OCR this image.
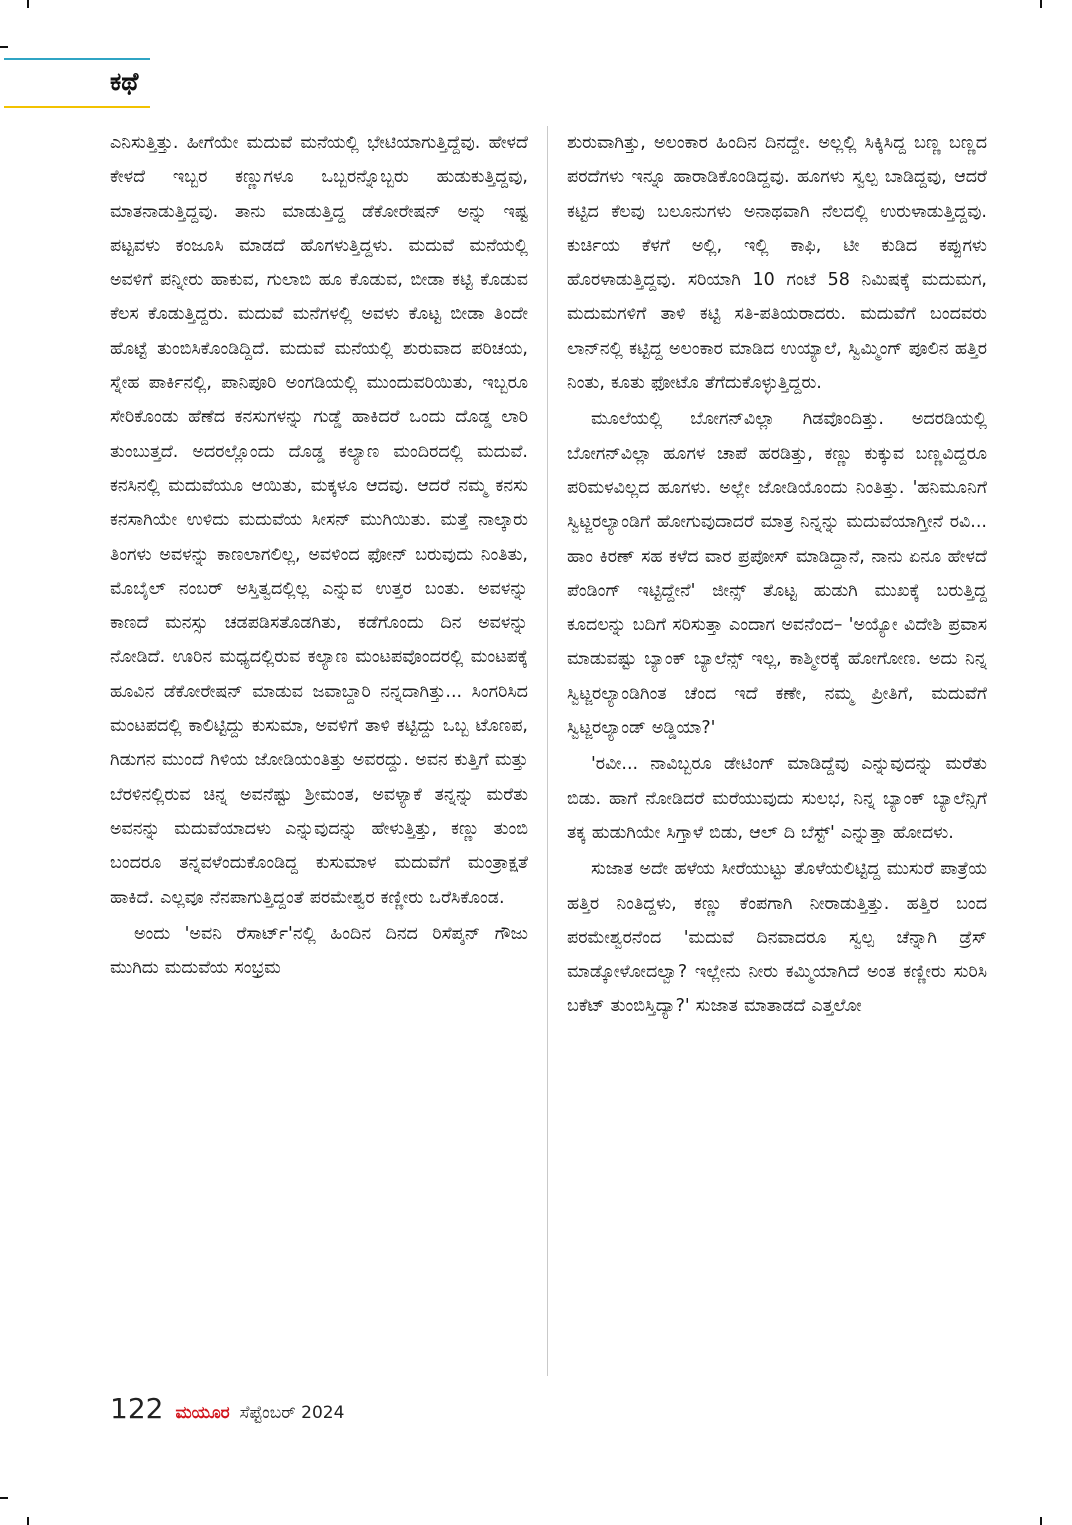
ಕಥೆ

ಎನಿಸುತ್ತಿತ್ತು. ಹೀಗೆಯೇ ಮದುವೆ ಮನೆಯಲ್ಲಿ ಭೇಟಿಯಾಗುತ್ತಿದ್ದೆವು. ಹೇಳದೆ ಕೇಳದೆ ಇಬ್ಬರ ಕಣ್ಣುಗಳೂ ಒಬ್ಬರನ್ನೊಬ್ಬರು ಹುಡುಕುತ್ತಿದ್ದವು, ಮಾತನಾಡುತ್ತಿದ್ದವು. ತಾನು ಮಾಡುತ್ತಿದ್ದ ಡೆಕೋರೇಷನ್ ಅನ್ನು ಇಷ್ಟ ಪಟ್ಟವಳು ಕಂಜೂಸಿ ಮಾಡದೆ ಹೊಗಳುತ್ತಿದ್ದಳು. ಮದುವೆ ಮನೆಯಲ್ಲಿ ಅವಳಿಗೆ ಪನ್ನೀರು ಹಾಕುವ, ಗುಲಾಬಿ ಹೂ ಕೊಡುವ, ಬೀಡಾ ಕಟ್ಟಿ ಕೊಡುವ ಕೆಲಸ ಕೊಡುತ್ತಿದ್ದರು. ಮದುವೆ ಮನೆಗಳಲ್ಲಿ ಅವಳು ಕೊಟ್ಟ ಬೀಡಾ ತಿಂದೇ ಹೊಟ್ಟೆ ತುಂಬಿಸಿಕೊಂಡಿದ್ದಿದೆ. ಮದುವೆ ಮನೆಯಲ್ಲಿ ಶುರುವಾದ ಪರಿಚಯ, ಸ್ನೇಹ ಪಾರ್ಕಿನಲ್ಲಿ, ಪಾನಿಪೂರಿ ಅಂಗಡಿಯಲ್ಲಿ ಮುಂದುವರಿಯಿತು, ಇಬ್ಬರೂ ಸೇರಿಕೊಂಡು ಹೆಣೆದ ಕನಸುಗಳನ್ನು ಗುಡ್ಡೆ ಹಾಕಿದರೆ ಒಂದು ದೊಡ್ಡ ಲಾರಿ ತುಂಬುತ್ತದೆ. ಅದರಲ್ಲೊಂದು ದೊಡ್ಡ ಕಲ್ಯಾಣ ಮಂದಿರದಲ್ಲಿ ಮದುವೆ. ಕನಸಿನಲ್ಲಿ ಮದುವೆಯೂ ಆಯಿತು, ಮಕ್ಕಳೂ ಆದವು. ಆದರೆ ನಮ್ಮ ಕನಸು ಕನಸಾಗಿಯೇ ಉಳಿದು ಮದುವೆಯ ಸೀಸನ್ ಮುಗಿಯಿತು. ಮತ್ತೆ ನಾಲ್ಕಾರು ತಿಂಗಳು ಅವಳನ್ನು ಕಾಣಲಾಗಲಿಲ್ಲ, ಅವಳಿಂದ ಫೋನ್ ಬರುವುದು ನಿಂತಿತು, ಮೊಬೈಲ್ ನಂಬರ್ ಅಸ್ತಿತ್ವದಲ್ಲಿಲ್ಲ ಎನ್ನುವ ಉತ್ತರ ಬಂತು. ಅವಳನ್ನು ಕಾಣದೆ ಮನಸ್ಸು ಚಡಪಡಿಸತೊಡಗಿತು, ಕಡೆಗೊಂದು ದಿನ ಅವಳನ್ನು ನೋಡಿದೆ. ಊರಿನ ಮಧ್ಯದಲ್ಲಿರುವ ಕಲ್ಯಾಣ ಮಂಟಪವೊಂದರಲ್ಲಿ ಮಂಟಪಕ್ಕೆ ಹೂವಿನ ಡೆಕೋರೇಷನ್ ಮಾಡುವ ಜವಾಬ್ದಾರಿ ನನ್ನದಾಗಿತ್ತು... ಸಿಂಗರಿಸಿದ ಮಂಟಪದಲ್ಲಿ ಕಾಲಿಟ್ಟಿದ್ದು ಕುಸುಮಾ, ಅವಳಿಗೆ ತಾಳಿ ಕಟ್ಟಿದ್ದು ಒಬ್ಬ ಟೊಣಪ, ಗಿಡುಗನ ಮುಂದೆ ಗಿಳಿಯ ಜೋಡಿಯಂತಿತ್ತು ಅವರದ್ದು. ಅವನ ಕುತ್ತಿಗೆ ಮತ್ತು ಬೆರಳಿನಲ್ಲಿರುವ ಚಿನ್ನ ಅವನೆಷ್ಟು ಶ್ರೀಮಂತ, ಅವಳ್ಯಾಕೆ ತನ್ನನ್ನು ಮರೆತು ಅವನನ್ನು ಮದುವೆಯಾದಳು ಎನ್ನುವುದನ್ನು ಹೇಳುತ್ತಿತ್ತು, ಕಣ್ಣು ತುಂಬಿ ಬಂದರೂ ತನ್ನವಳೆಂದುಕೊಂಡಿದ್ದ ಕುಸುಮಾಳ ಮದುವೆಗೆ ಮಂತ್ರಾಕ್ಷತೆ ಹಾಕಿದೆ. ಎಲ್ಲವೂ ನೆನಪಾಗುತ್ತಿದ್ದಂತೆ ಪರಮೇಶ್ವರ ಕಣ್ಣೀರು ಒರೆಸಿಕೊಂಡ.

ಅಂದು 'ಅವನಿ ರೆಸಾರ್ಟ್'ನಲ್ಲಿ ಹಿಂದಿನ ದಿನದ ರಿಸೆಪ್ಶನ್ ಗೌಜು ಮುಗಿದು ಮದುವೆಯ ಸಂಭ್ರಮ

ಶುರುವಾಗಿತ್ತು, ಅಲಂಕಾರ ಹಿಂದಿನ ದಿನದ್ದೇ. ಅಲ್ಲಲ್ಲಿ ಸಿಕ್ಕಿಸಿದ್ದ ಬಣ್ಣ ಬಣ್ಣದ ಪರದೆಗಳು ಇನ್ನೂ ಹಾರಾಡಿಕೊಂಡಿದ್ದವು. ಹೂಗಳು ಸ್ವಲ್ಪ ಬಾಡಿದ್ದವು, ಆದರೆ ಕಟ್ಟಿದ ಕೆಲವು ಬಲೂನುಗಳು ಅನಾಥವಾಗಿ ನೆಲದಲ್ಲಿ ಉರುಳಾಡುತ್ತಿದ್ದವು. ಕುರ್ಚಿಯ ಕೆಳಗೆ ಅಲ್ಲಿ, ಇಲ್ಲಿ ಕಾಫಿ, ಟೀ ಕುಡಿದ ಕಪ್ಪುಗಳು ಹೊರಳಾಡುತ್ತಿದ್ದವು. ಸರಿಯಾಗಿ 10 ಗಂಟೆ 58 ನಿಮಿಷಕ್ಕೆ ಮದುಮಗ, ಮದುಮಗಳಿಗೆ ತಾಳಿ ಕಟ್ಟಿ ಸತಿ-ಪತಿಯರಾದರು. ಮದುವೆಗೆ ಬಂದವರು ಲಾನ್‌ನಲ್ಲಿ ಕಟ್ಟಿದ್ದ ಅಲಂಕಾರ ಮಾಡಿದ ಉಯ್ಯಾಲೆ, ಸ್ವಿಮ್ಮಿಂಗ್ ಪೂಲಿನ ಹತ್ತಿರ ನಿಂತು, ಕೂತು ಫೋಟೊ ತೆಗೆದುಕೊಳ್ಳುತ್ತಿದ್ದರು.

ಮೂಲೆಯಲ್ಲಿ ಬೋಗನ್‌ವಿಲ್ಲಾ ಗಿಡವೊಂದಿತ್ತು. ಅದರಡಿಯಲ್ಲಿ ಬೋಗನ್‌ವಿಲ್ಲಾ ಹೂಗಳ ಚಾಪೆ ಹರಡಿತ್ತು, ಕಣ್ಣು ಕುಕ್ಕುವ ಬಣ್ಣವಿದ್ದರೂ ಪರಿಮಳವಿಲ್ಲದ ಹೂಗಳು. ಅಲ್ಲೇ ಜೋಡಿಯೊಂದು ನಿಂತಿತ್ತು. 'ಹನಿಮೂನಿಗೆ ಸ್ವಿಟ್ಜರಲ್ಯಾಂಡಿಗೆ ಹೋಗುವುದಾದರೆ ಮಾತ್ರ ನಿನ್ನನ್ನು ಮದುವೆಯಾಗ್ತೀನೆ ರವಿ... ಹಾಂ ಕಿರಣ್ ಸಹ ಕಳೆದ ವಾರ ಪ್ರಪೋಸ್ ಮಾಡಿದ್ದಾನೆ, ನಾನು ಏನೂ ಹೇಳದೆ ಪೆಂಡಿಂಗ್ ಇಟ್ಟಿದ್ದೇನೆ' ಜೀನ್ಸ್ ತೊಟ್ಟ ಹುಡುಗಿ ಮುಖಕ್ಕೆ ಬರುತ್ತಿದ್ದ ಕೂದಲನ್ನು ಬದಿಗೆ ಸರಿಸುತ್ತಾ ಎಂದಾಗ ಅವನೆಂದ– 'ಅಯ್ಯೋ ವಿದೇಶಿ ಪ್ರವಾಸ ಮಾಡುವಷ್ಟು ಬ್ಯಾಂಕ್ ಬ್ಯಾಲೆನ್ಸ್ ಇಲ್ಲ, ಕಾಶ್ಮೀರಕ್ಕೆ ಹೋಗೋಣ. ಅದು ನಿನ್ನ ಸ್ವಿಟ್ಜರಲ್ಯಾಂಡಿಗಿಂತ ಚೆಂದ ಇದೆ ಕಣೇ, ನಮ್ಮ ಪ್ರೀತಿಗೆ, ಮದುವೆಗೆ ಸ್ವಿಟ್ಜರಲ್ಯಾಂಡ್ ಅಡ್ಡಿಯಾ?'

'ರವೀ... ನಾವಿಬ್ಬರೂ ಡೇಟಿಂಗ್ ಮಾಡಿದ್ದೆವು ಎನ್ನುವುದನ್ನು ಮರೆತು ಬಿಡು. ಹಾಗೆ ನೋಡಿದರೆ ಮರೆಯುವುದು ಸುಲಭ, ನಿನ್ನ ಬ್ಯಾಂಕ್ ಬ್ಯಾಲೆನ್ಸಿಗೆ ತಕ್ಕ ಹುಡುಗಿಯೇ ಸಿಗ್ತಾಳೆ ಬಿಡು, ಆಲ್ ದಿ ಬೆಸ್ಟ್' ಎನ್ನುತ್ತಾ ಹೋದಳು.

ಸುಜಾತ ಅದೇ ಹಳೆಯ ಸೀರೆಯುಟ್ಟು ತೊಳೆಯಲಿಟ್ಟಿದ್ದ ಮುಸುರೆ ಪಾತ್ರೆಯ ಹತ್ತಿರ ನಿಂತಿದ್ದಳು, ಕಣ್ಣು ಕೆಂಪಗಾಗಿ ನೀರಾಡುತ್ತಿತ್ತು. ಹತ್ತಿರ ಬಂದ ಪರಮೇಶ್ವರನೆಂದ 'ಮದುವೆ ದಿನವಾದರೂ ಸ್ವಲ್ಪ ಚೆನ್ನಾಗಿ ಡ್ರೆಸ್ ಮಾಡ್ಕೋಳೋದಲ್ವಾ? ಇಲ್ಲೇನು ನೀರು ಕಮ್ಮಿಯಾಗಿದೆ ಅಂತ ಕಣ್ಣೀರು ಸುರಿಸಿ ಬಕೆಟ್ ತುಂಬಿಸ್ತಿದ್ಯಾ?' ಸುಜಾತ ಮಾತಾಡದೆ ಎತ್ತಲೋ

122 ಮಯೂರ ಸೆಪ್ಟೆಂಬರ್ 2024
